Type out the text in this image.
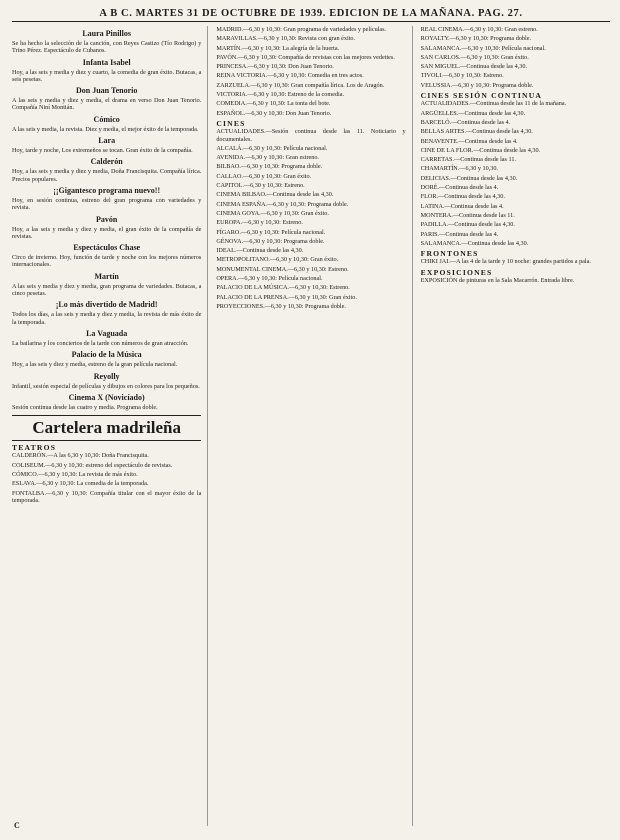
A B C. MARTES 31 DE OCTUBRE DE 1939. EDICION DE LA MAÑANA. PAG. 27.
Laura Pinillos
Se ha hecho la selección de la canción, con Reyes Castizo (Tío Rodrigo) y Trino Pérez. Espectáculo de Cubanos.
Infanta Isabel
Hoy, a las seis y media y diez y cuarto, la comedia de gran éxito. Butacas, a seis pesetas.
Don Juan Tenorio
A las seis y media y diez y media, el drama en verso Don Juan Tenorio. Compañía Niní Montián.
Cómico
A las seis y media, la revista. Diez y media, el mejor éxito de la temporada.
Lara
Hoy, tarde y noche, Los extremeños se tocan. Gran éxito de la compañía.
Calderón
Hoy, a las seis y media y diez y media, Doña Francisquita. Compañía lírica. Precios populares.
¡¡Gigantesco programa nuevo!!
Hoy, en sesión continua, estreno del gran programa con variedades y revista.
Pavón
Hoy, a las seis y media y diez y media, el gran éxito de la compañía de revistas.
Espectáculos Chase
Circo de invierno. Hoy, función de tarde y noche con los mejores números internacionales.
Martín
A las seis y media y diez y media, gran programa de variedades. Butacas, a cinco pesetas.
¡Lo más divertido de Madrid!
Todos los días, a las seis y media y diez y media, la revista de más éxito de la temporada.
La Vaguada
La bailarina y los conciertos de la tarde con números de gran atracción.
Palacio de la Música
Hoy, a las seis y diez y media, estreno de la gran película nacional.
Reyolly
Infantil, sesión especial de películas y dibujos en colores para los pequeños.
Cinema X (Novicíado)
Sesión continua desde las cuatro y media. Programa doble.
Cartelera madrileña
TEATROS
CALDERÓN.—A las 6,30 y 10,30: Doña Francisquita.
COLISEUM.—6,30 y 10,30: estreno del espectáculo de revistas.
CÓMICO.—6,30 y 10,30: La revista de más éxito.
ESLAVA.—6,30 y 10,30: La comedia de la temporada.
FONTALBA.—6,30 y 10,30: Compañía titular con el mayor éxito de la temporada.
MADRID.—6,30 y 10,30: Gran programa de variedades y películas.
MARAVILLAS.—6,30 y 10,30: Revista con gran éxito.
MARTÍN.—6,30 y 10,30: La alegría de la huerta.
PAVÓN.—6,30 y 10,30: Compañía de revistas con las mejores vedettes.
PRINCESA.—6,30 y 10,30: Don Juan Tenorio.
REINA VICTORIA.—6,30 y 10,30: Comedia en tres actos.
ZARZUELA.—6,30 y 10,30: Gran compañía lírica. Los de Aragón.
VICTORIA.—6,30 y 10,30: Estreno de la comedia.
COMEDIA.—6,30 y 10,30: La tonta del bote.
ESPAÑOL.—6,30 y 10,30: Don Juan Tenorio.
CINES
ACTUALIDADES.—Sesión continua desde las 11. Noticiario y documentales.
ALCALÁ.—6,30 y 10,30: Película nacional.
AVENIDA.—6,30 y 10,30: Gran estreno.
BILBAO.—6,30 y 10,30: Programa doble.
CALLAO.—6,30 y 10,30: Gran éxito.
CAPITOL.—6,30 y 10,30: Estreno.
CINEMA BILBAO.—Continua desde las 4,30.
CINEMA ESPAÑA.—6,30 y 10,30: Programa doble.
CINEMA GOYA.—6,30 y 10,30: Gran éxito.
EUROPA.—6,30 y 10,30: Estreno.
FÍGARO.—6,30 y 10,30: Película nacional.
GÉNOVA.—6,30 y 10,30: Programa doble.
IDEAL.—Continua desde las 4,30.
METROPOLITANO.—6,30 y 10,30: Gran éxito.
MONUMENTAL CINEMA.—6,30 y 10,30: Estreno.
OPERA.—6,30 y 10,30: Película nacional.
PALACIO DE LA MÚSICA.—6,30 y 10,30: Estreno.
PALACIO DE LA PRENSA.—6,30 y 10,30: Gran éxito.
PROYECCIONES.—6,30 y 10,30: Programa doble.
REAL CINEMA.—6,30 y 10,30: Gran estreno.
ROYALTY.—6,30 y 10,30: Programa doble.
SALAMANCA.—6,30 y 10,30: Película nacional.
SAN CARLOS.—6,30 y 10,30: Gran éxito.
SAN MIGUEL.—Continua desde las 4,30.
TIVOLI.—6,30 y 10,30: Estreno.
VELUSSIA.—6,30 y 10,30: Programa doble.
CINES SESIÓN CONTINUA
ACTUALIDADES.—Continua desde las 11 de la mañana.
ARGÜELLES.—Continua desde las 4,30.
BARCELÓ.—Continua desde las 4.
BELLAS ARTES.—Continua desde las 4,30.
BENAVENTE.—Continua desde las 4.
CINE DE LA FLOR.—Continua desde las 4,30.
CARRETAS.—Continua desde las 11.
CHAMARTÍN.—6,30 y 10,30.
DELICIAS.—Continua desde las 4,30.
DORÉ.—Continua desde las 4.
FLOR.—Continua desde las 4,30.
LATINA.—Continua desde las 4.
MONTERA.—Continua desde las 11.
PADILLA.—Continua desde las 4,30.
PARIS.—Continua desde las 4.
SALAMANCA.—Continua desde las 4,30.
FRONTONES
CHIKI JAI.—A las 4 de la tarde y 10 noche: grandes partidos a pala.
EXPOSICIONES
EXPOSICIÓN de pinturas en la Sala Macarrón. Entrada libre.
C
